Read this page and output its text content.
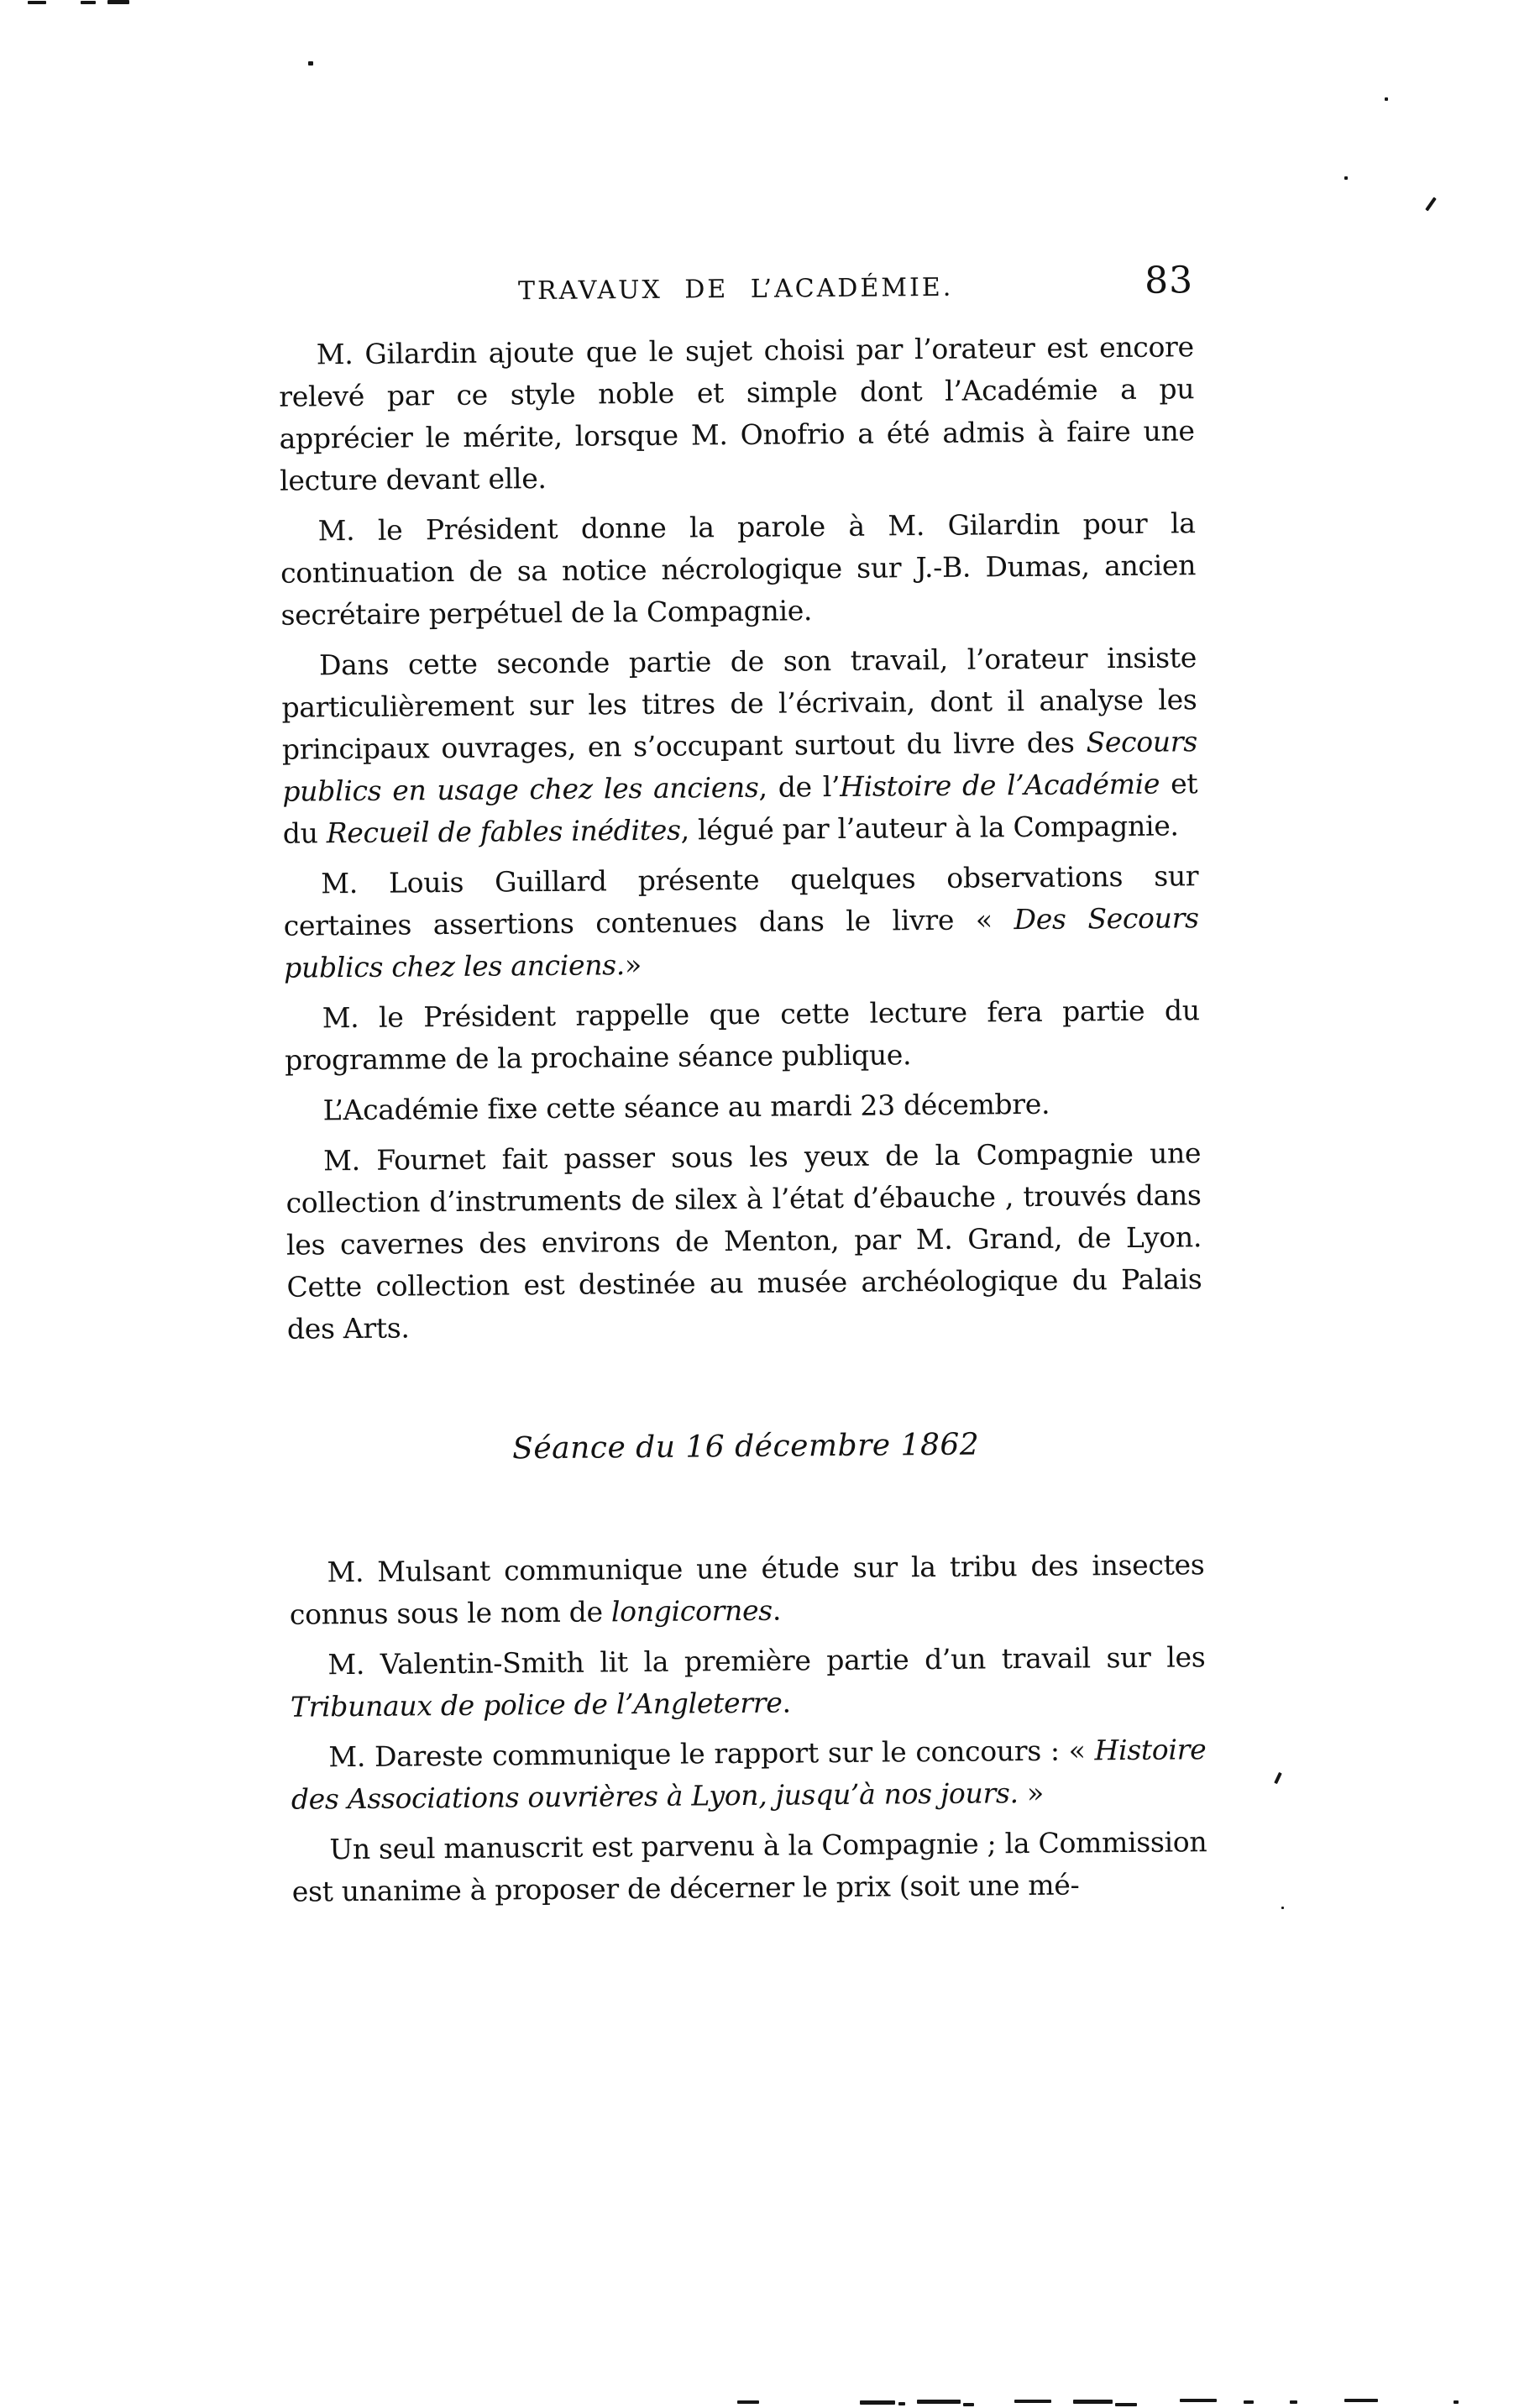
TRAVAUX DE L’ACADÉMIE.	83

M. Gilardin ajoute que le sujet choisi par l’orateur est encore relevé par ce style noble et simple dont l’Académie a pu apprécier le mérite, lorsque M. Onofrio a été admis à faire une lecture devant elle.

M. le Président donne la parole à M. Gilardin pour la continuation de sa notice nécrologique sur J.-B. Dumas, ancien secrétaire perpétuel de la Compagnie.

Dans cette seconde partie de son travail, l’orateur insiste particulièrement sur les titres de l’écrivain, dont il analyse les principaux ouvrages, en s’occupant surtout du livre des Secours publics en usage chez les anciens, de l’Histoire de l’Académie et du Recueil de fables inédites, légué par l’auteur à la Compagnie.

M. Louis Guillard présente quelques observations sur certaines assertions contenues dans le livre « Des Secours publics chez les anciens.»

M. le Président rappelle que cette lecture fera partie du programme de la prochaine séance publique.

L’Académie fixe cette séance au mardi 23 décembre.

M. Fournet fait passer sous les yeux de la Compagnie une collection d’instruments de silex à l’état d’ébauche , trouvés dans les cavernes des environs de Menton, par M. Grand, de Lyon. Cette collection est destinée au musée archéologique du Palais des Arts.

Séance du 16 décembre 1862

M. Mulsant communique une étude sur la tribu des insectes connus sous le nom de longicornes.

M. Valentin-Smith lit la première partie d’un travail sur les Tribunaux de police de l’Angleterre.

M. Dareste communique le rapport sur le concours : « Histoire des Associations ouvrières à Lyon, jusqu’à nos jours. »

Un seul manuscrit est parvenu à la Compagnie ; la Commission est unanime à proposer de décerner le prix (soit une mé-
